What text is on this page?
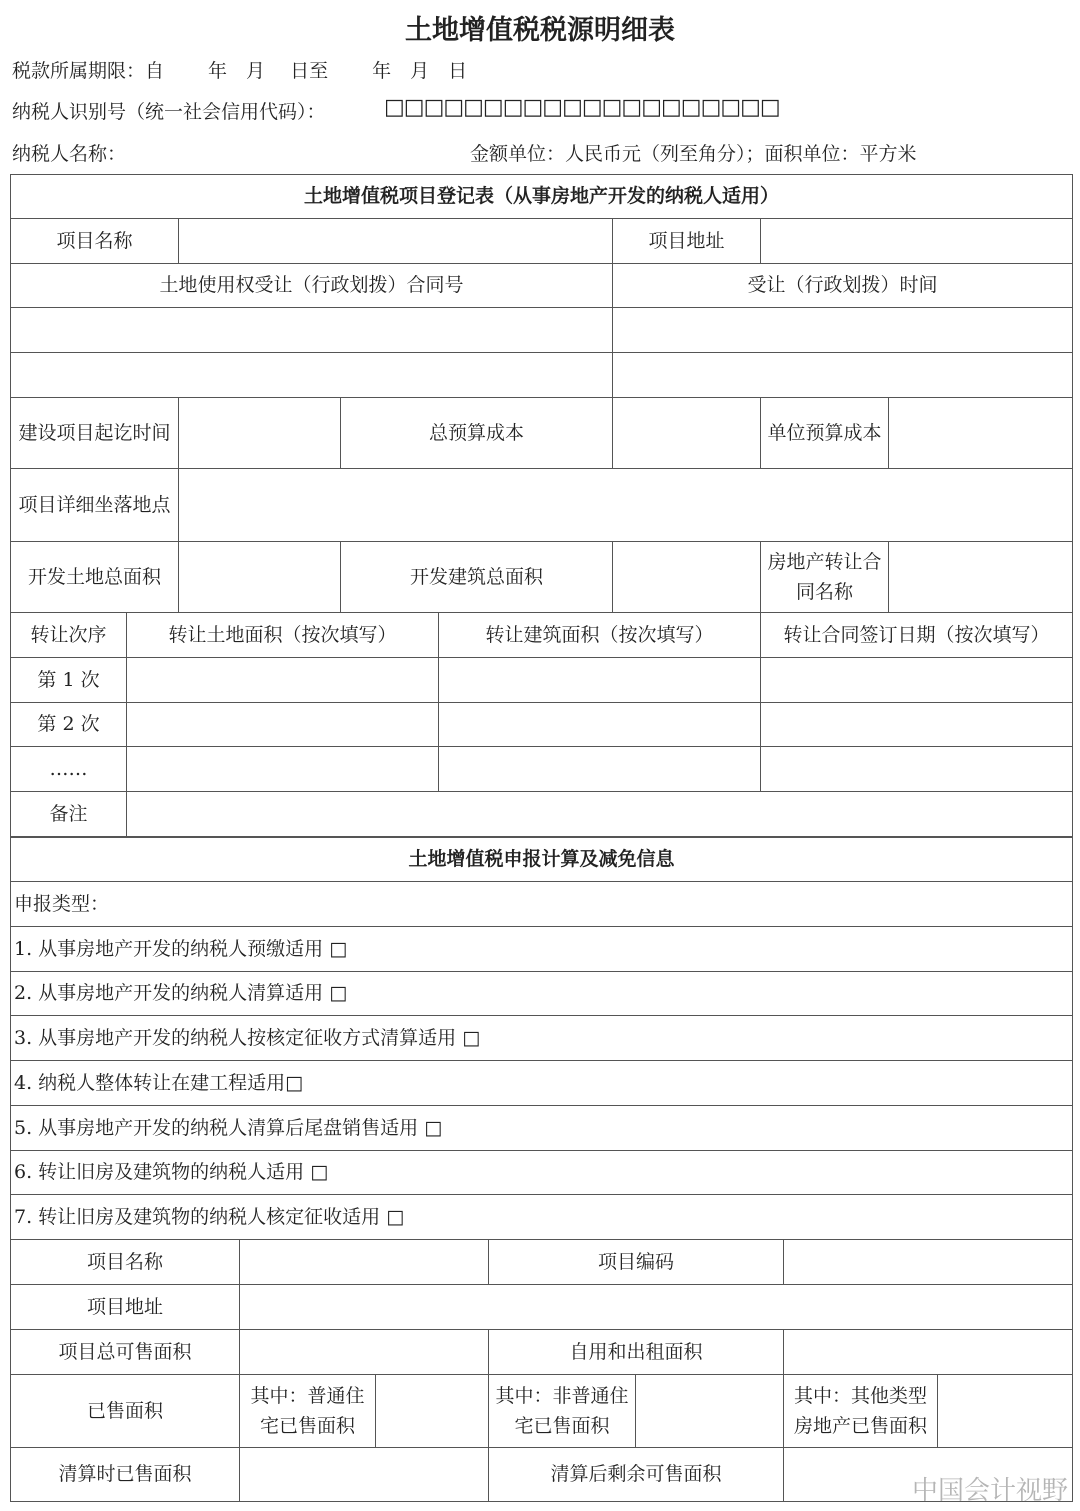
土地增值税税源明细表
税款所属期限：自　　 年　月　 日至　　 年　月　日
纳税人识别号（统一社会信用代码）：	□□□□□□□□□□□□□□□□□□□□
纳税人名称：	金额单位：人民币元（列至角分）；面积单位：平方米
土地增值税项目登记表（从事房地产开发的纳税人适用）							
项目名称					项目地址		
土地使用权受让（行政划拨）合同号					受让（行政划拨）时间		

建设项目起讫时间			总预算成本			单位预算成本	
项目详细坐落地点							
开发土地总面积			开发建筑总面积			房地产转让合同名称	
转让次序	转让土地面积（按次填写）			转让建筑面积（按次填写）		转让合同签订日期（按次填写）	
第 1 次							
第 2 次							
……							
备注							
土地增值税申报计算及减免信息						
申报类型：						
1. 从事房地产开发的纳税人预缴适用 □						
2. 从事房地产开发的纳税人清算适用 □						
3. 从事房地产开发的纳税人按核定征收方式清算适用 □						
4. 纳税人整体转让在建工程适用□						
5. 从事房地产开发的纳税人清算后尾盘销售适用 □						
6. 转让旧房及建筑物的纳税人适用 □						
7. 转让旧房及建筑物的纳税人核定征收适用 □						
项目名称			项目编码			
项目地址						
项目总可售面积			自用和出租面积			
已售面积	其中：普通住宅已售面积		其中：非普通住宅已售面积		其中：其他类型房地产已售面积	
清算时已售面积			清算后剩余可售面积			
中国会计视野
